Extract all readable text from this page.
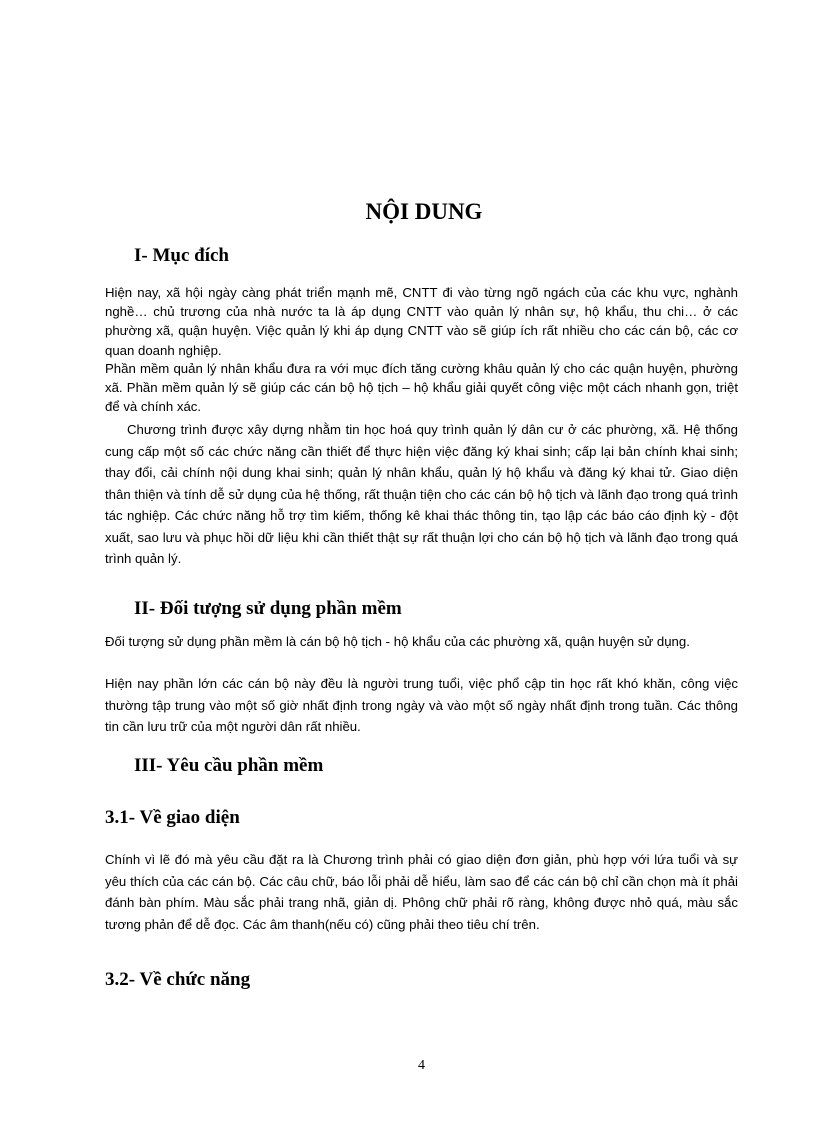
NỘI DUNG
I- Mục đích

Hiện nay, xã hội ngày càng phát triển mạnh mẽ, CNTT đi vào từng ngõ ngách của các khu vực, nghành nghề… chủ trương của nhà nước ta là áp dụng CNTT vào quản lý nhân sự, hộ khẩu, thu chi… ở các phường xã, quận huyện. Việc quản lý khi áp dụng CNTT vào sẽ giúp ích rất nhiều cho các cán bộ, các cơ quan doanh nghiệp.

Phần mềm quản lý nhân khẩu đưa ra với mục đích tăng cường khâu quản lý cho các quận huyện, phường xã. Phần mềm quản lý sẽ giúp các cán bộ hộ tịch – hộ khẩu giải quyết công việc một cách nhanh gọn, triệt để và chính xác.

Chương trình được xây dựng nhằm tin học hoá quy trình quản lý dân cư ở các phường, xã. Hệ thống cung cấp một số các chức năng cần thiết để thực hiện việc đăng ký khai sinh; cấp lại bản chính khai sinh; thay đổi, cải chính nội dung khai sinh; quản lý nhân khẩu, quản lý hộ khẩu và đăng ký khai tử. Giao diện thân thiện và tính dễ sử dụng của hệ thống, rất thuận tiện cho các cán bộ hộ tịch và lãnh đạo trong quá trình tác nghiệp. Các chức năng hỗ trợ tìm kiếm, thống kê khai thác thông tin, tạo lập các báo cáo định kỳ - đột xuất, sao lưu và phục hồi dữ liệu khi cần thiết thật sự rất thuận lợi cho cán bộ hộ tịch và lãnh đạo trong quá trình quản lý.

II- Đối tượng sử dụng phần mềm

Đối tượng sử dụng phần mềm là cán bộ hộ tịch - hộ khẩu của các phường xã, quận huyện sử dụng.

Hiện nay phần lớn các cán bộ này đều là người trung tuổi, việc phổ cập tin học rất khó khăn, công việc thường tập trung vào một số giờ nhất định trong ngày và vào một số ngày nhất định trong tuần. Các thông tin cần lưu trữ của một người dân rất nhiều.

III- Yêu cầu phần mềm
3.1- Về giao diện

Chính vì lẽ đó mà yêu cầu đặt ra là Chương trình phải có giao diện đơn giản, phù hợp với lứa tuổi và sự yêu thích của các cán bộ. Các câu chữ, báo lỗi phải dễ hiểu, làm sao để các cán bộ chỉ cần chọn mà ít phải đánh bàn phím. Màu sắc phải trang nhã, giản dị. Phông chữ phải rõ ràng, không được nhỏ quá, màu sắc tương phản để dễ đọc. Các âm thanh(nếu có) cũng phải theo tiêu chí trên.

3.2- Về chức năng

4
